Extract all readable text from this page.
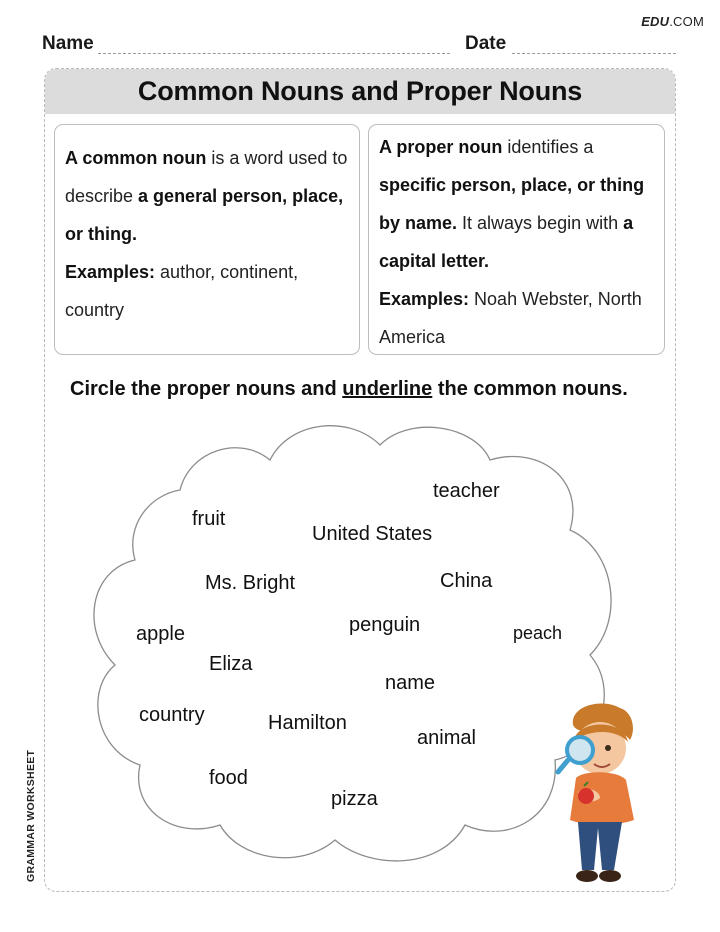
EDU.COM
Name	Date
Common Nouns and Proper Nouns
A common noun is a word used to describe a general person, place, or thing.
Examples: author, continent, country
A proper noun identifies a specific person, place, or thing by name. It always begin with a capital letter.
Examples: Noah Webster, North America
Circle the proper nouns and underline the common nouns.
teacher
fruit
United States
Ms. Bright	China
apple	penguin	peach
Eliza
name
country	Hamilton
animal
food
pizza
GRAMMAR WORKSHEET
